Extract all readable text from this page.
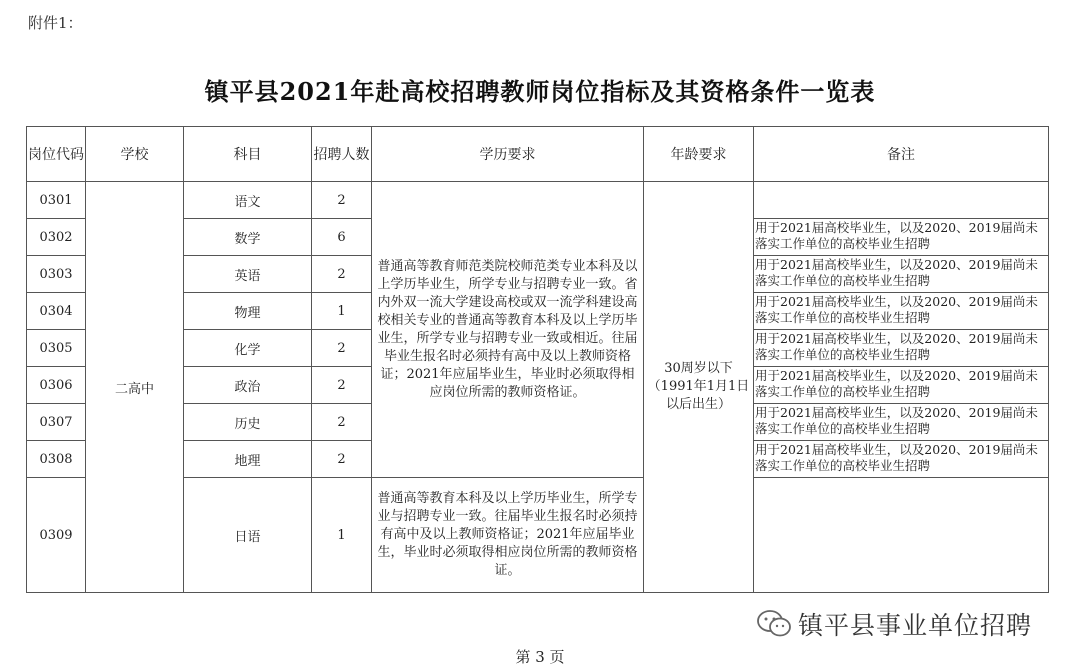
附件1：
镇平县2021年赴高校招聘教师岗位指标及其资格条件一览表
岗位代码	学校	科目	招聘人数	学历要求	年龄要求	备注
0301	二高中	语文	2	普通高等教育师范类院校师范类专业本科及以上学历毕业生，所学专业与招聘专业一致。省内外双一流大学建设高校或双一流学科建设高校相关专业的普通高等教育本科及以上学历毕业生，所学专业与招聘专业一致或相近。往届毕业生报名时必须持有高中及以上教师资格证；2021年应届毕业生，毕业时必须取得相应岗位所需的教师资格证。	30周岁以下（1991年1月1日以后出生）	
0302		数学	6			用于2021届高校毕业生，以及2020、2019届尚未落实工作单位的高校毕业生招聘
0303		英语	2			用于2021届高校毕业生，以及2020、2019届尚未落实工作单位的高校毕业生招聘
0304		物理	1			用于2021届高校毕业生，以及2020、2019届尚未落实工作单位的高校毕业生招聘
0305		化学	2			用于2021届高校毕业生，以及2020、2019届尚未落实工作单位的高校毕业生招聘
0306		政治	2			用于2021届高校毕业生，以及2020、2019届尚未落实工作单位的高校毕业生招聘
0307		历史	2			用于2021届高校毕业生，以及2020、2019届尚未落实工作单位的高校毕业生招聘
0308		地理	2			用于2021届高校毕业生，以及2020、2019届尚未落实工作单位的高校毕业生招聘
0309		日语	1	普通高等教育本科及以上学历毕业生，所学专业与招聘专业一致。往届毕业生报名时必须持有高中及以上教师资格证；2021年应届毕业生，毕业时必须取得相应岗位所需的教师资格证。		
镇平县事业单位招聘
第 3 页
